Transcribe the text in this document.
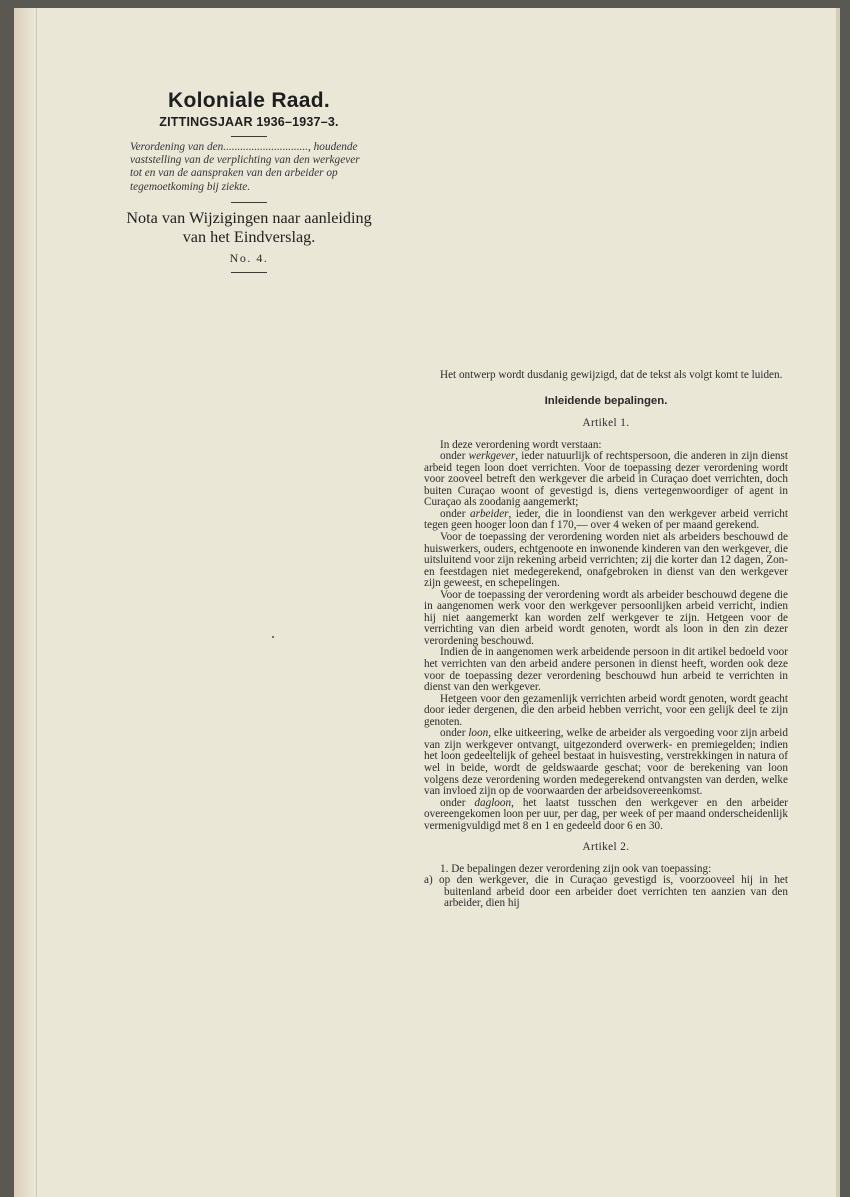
Koloniale Raad.

ZITTINGSJAAR 1936–1937–3.

Verordening van den.............................., houdende vaststelling van de verplichting van den werkgever tot en van de aanspraken van den arbeider op tegemoetkoming bij ziekte.

Nota van Wijzigingen naar aanleiding van het Eindverslag.

No. 4.

Het ontwerp wordt dusdanig gewijzigd, dat de tekst als volgt komt te luiden.

Inleidende bepalingen.

Artikel 1.

In deze verordening wordt verstaan:

onder werkgever, ieder natuurlijk of rechtspersoon, die anderen in zijn dienst arbeid tegen loon doet verrichten. Voor de toepassing dezer verordening wordt voor zooveel betreft den werkgever die arbeid in Curaçao doet verrichten, doch buiten Curaçao woont of gevestigd is, diens vertegenwoordiger of agent in Curaçao als zoodanig aangemerkt;

onder arbeider, ieder, die in loondienst van den werkgever arbeid verricht tegen geen hooger loon dan f 170,— over 4 weken of per maand gerekend.

Voor de toepassing der verordening worden niet als arbeiders beschouwd de huiswerkers, ouders, echtgenoote en inwonende kinderen van den werkgever, die uitsluitend voor zijn rekening arbeid verrichten; zij die korter dan 12 dagen, Zon- en feestdagen niet medegerekend, onafgebroken in dienst van den werkgever zijn geweest, en schepelingen.

Voor de toepassing der verordening wordt als arbeider beschouwd degene die in aangenomen werk voor den werkgever persoonlijken arbeid verricht, indien hij niet aangemerkt kan worden zelf werkgever te zijn. Hetgeen voor de verrichting van dien arbeid wordt genoten, wordt als loon in den zin dezer verordening beschouwd.

Indien de in aangenomen werk arbeidende persoon in dit artikel bedoeld voor het verrichten van den arbeid andere personen in dienst heeft, worden ook deze voor de toepassing dezer verordening beschouwd hun arbeid te verrichten in dienst van den werkgever.

Hetgeen voor den gezamenlijk verrichten arbeid wordt genoten, wordt geacht door ieder dergenen, die den arbeid hebben verricht, voor een gelijk deel te zijn genoten.

onder loon, elke uitkeering, welke de arbeider als vergoeding voor zijn arbeid van zijn werkgever ontvangt, uitgezonderd overwerk- en premiegelden; indien het loon gedeeltelijk of geheel bestaat in huisvesting, verstrekkingen in natura of wel in beide, wordt de geldswaarde geschat; voor de berekening van loon volgens deze verordening worden medegerekend ontvangsten van derden, welke van invloed zijn op de voorwaarden der arbeidsovereenkomst.

onder dagloon, het laatst tusschen den werkgever en den arbeider overeengekomen loon per uur, per dag, per week of per maand onderscheidenlijk vermenigvuldigd met 8 en 1 en gedeeld door 6 en 30.

Artikel 2.

1. De bepalingen dezer verordening zijn ook van toepassing:

a) op den werkgever, die in Curaçao gevestigd is, voorzooveel hij in het buitenland arbeid door een arbeider doet verrichten ten aanzien van den arbeider, dien hij
